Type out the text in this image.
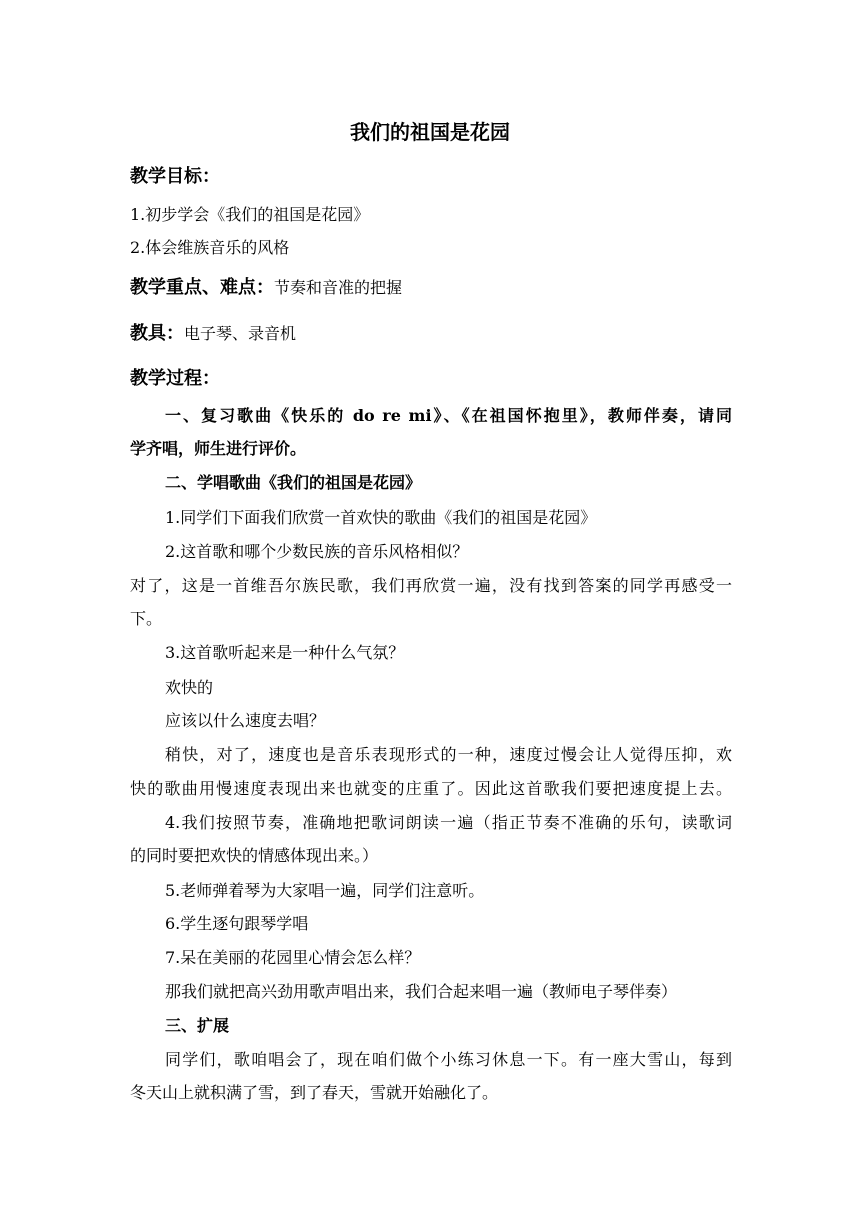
我们的祖国是花园
教学目标：
1.初步学会《我们的祖国是花园》
2.体会维族音乐的风格
教学重点、难点：节奏和音准的把握
教具：电子琴、录音机
教学过程：
一、复习歌曲《快乐的 do re mi》、《在祖国怀抱里》，教师伴奏，请同
学齐唱，师生进行评价。
二、学唱歌曲《我们的祖国是花园》
1.同学们下面我们欣赏一首欢快的歌曲《我们的祖国是花园》
2.这首歌和哪个少数民族的音乐风格相似？
对了，这是一首维吾尔族民歌，我们再欣赏一遍，没有找到答案的同学再感受一
下。
3.这首歌听起来是一种什么气氛？
欢快的
应该以什么速度去唱？
稍快，对了，速度也是音乐表现形式的一种，速度过慢会让人觉得压抑，欢
快的歌曲用慢速度表现出来也就变的庄重了。因此这首歌我们要把速度提上去。
4.我们按照节奏，准确地把歌词朗读一遍（指正节奏不准确的乐句，读歌词
的同时要把欢快的情感体现出来。）
5.老师弹着琴为大家唱一遍，同学们注意听。
6.学生逐句跟琴学唱
7.呆在美丽的花园里心情会怎么样？
那我们就把高兴劲用歌声唱出来，我们合起来唱一遍（教师电子琴伴奏）
三、扩展
同学们，歌咱唱会了，现在咱们做个小练习休息一下。有一座大雪山，每到
冬天山上就积满了雪，到了春天，雪就开始融化了。
